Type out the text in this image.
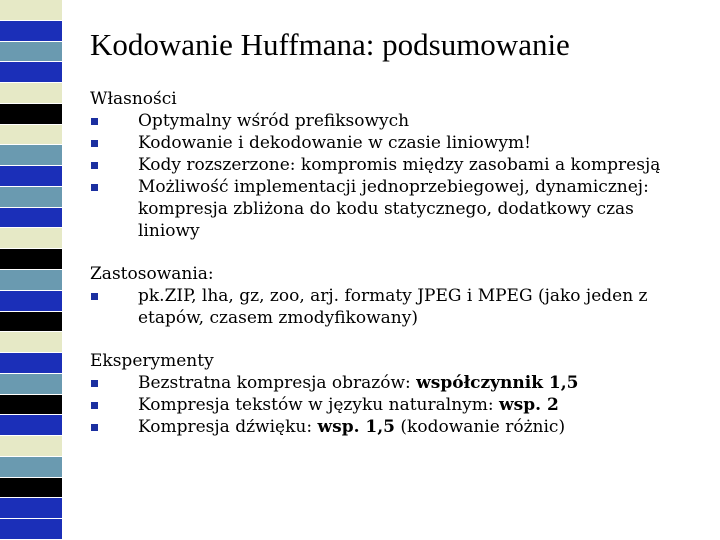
Kodowanie Huffmana: podsumowanie
Własności
Optymalny wśród prefiksowych
Kodowanie i dekodowanie w czasie liniowym!
Kody rozszerzone: kompromis między zasobami a kompresją
Możliwość implementacji jednoprzebiegowej, dynamicznej: kompresja zbliżona do kodu statycznego, dodatkowy czas liniowy
Zastosowania:
pk.ZIP, lha, gz, zoo, arj. formaty JPEG i MPEG (jako jeden z etapów, czasem zmodyfikowany)
Eksperymenty
Bezstratna kompresja obrazów: współczynnik 1,5
Kompresja tekstów w języku naturalnym: wsp. 2
Kompresja dźwięku: wsp. 1,5 (kodowanie różnic)
